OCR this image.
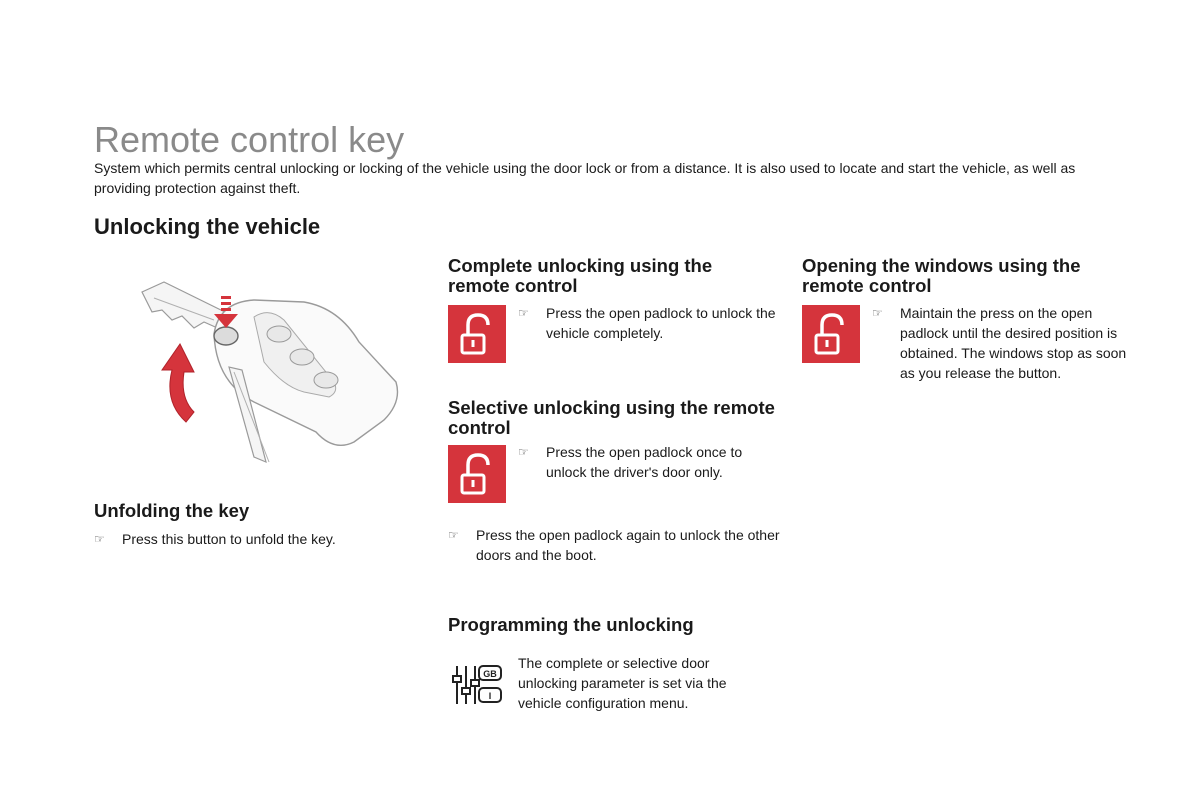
Remote control key

System which permits central unlocking or locking of the vehicle using the door lock or from a distance. It is also used to locate and start the vehicle, as well as providing protection against theft.

Unlocking the vehicle
Unfolding the key
☞	Press this button to unfold the key.
Complete unlocking using the remote control
☞	Press the open padlock to unlock the vehicle completely.
Selective unlocking using the remote control
☞	Press the open padlock once to unlock the driver's door only.
☞	Press the open padlock again to unlock the other doors and the boot.
Programming the unlocking
GB
I

The complete or selective door unlocking parameter is set via the vehicle configuration menu.

Opening the windows using the remote control
☞	Maintain the press on the open padlock until the desired position is obtained. The windows stop as soon as you release the button.
